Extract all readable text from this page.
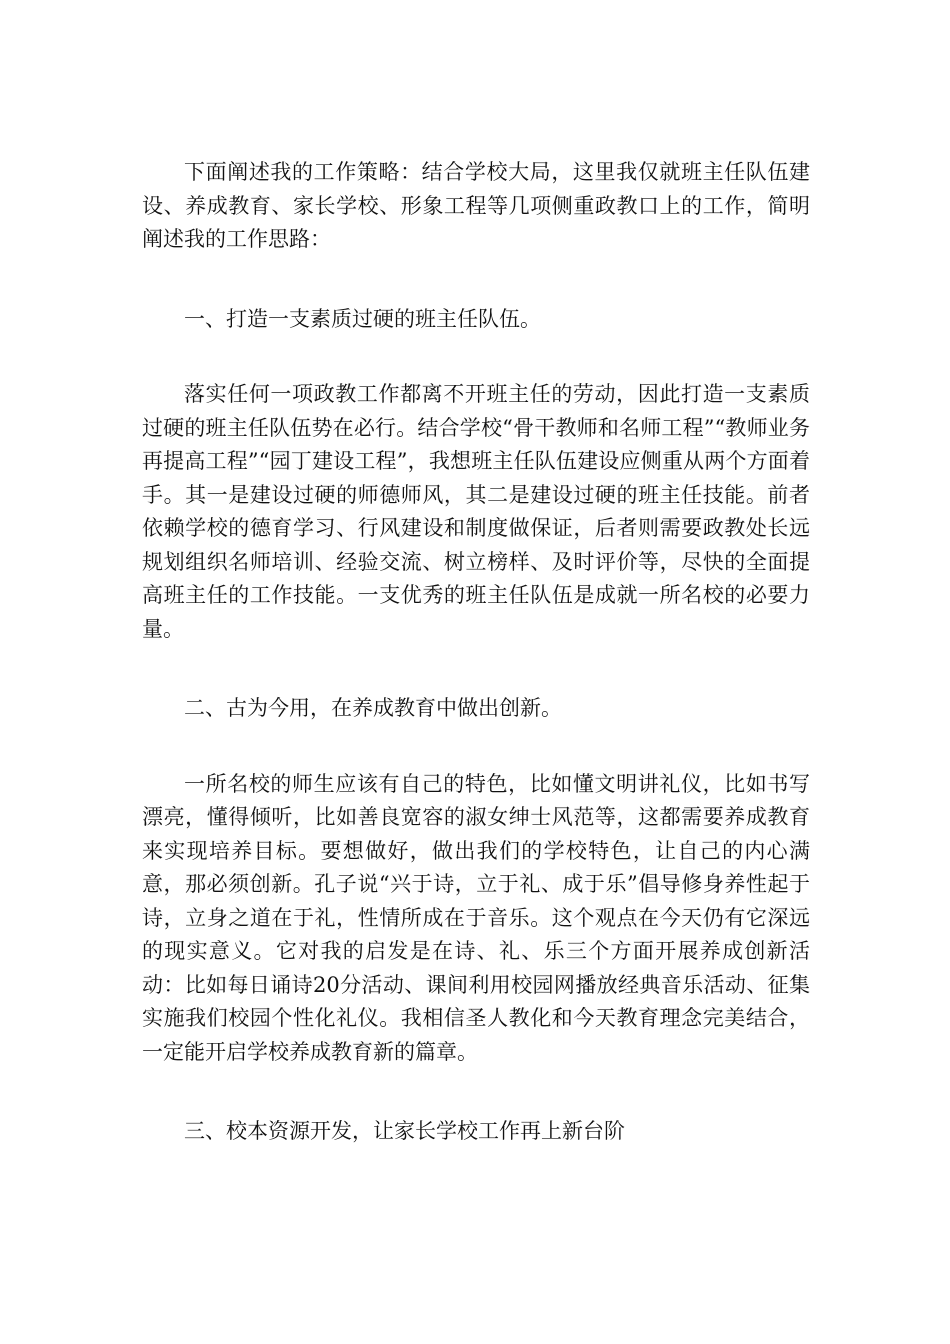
下面阐述我的工作策略：结合学校大局，这里我仅就班主任队伍建设、养成教育、家长学校、形象工程等几项侧重政教口上的工作，简明阐述我的工作思路：

一、打造一支素质过硬的班主任队伍。

落实任何一项政教工作都离不开班主任的劳动，因此打造一支素质过硬的班主任队伍势在必行。结合学校“骨干教师和名师工程”“教师业务再提高工程”“园丁建设工程”，我想班主任队伍建设应侧重从两个方面着手。其一是建设过硬的师德师风，其二是建设过硬的班主任技能。前者依赖学校的德育学习、行风建设和制度做保证，后者则需要政教处长远规划组织名师培训、经验交流、树立榜样、及时评价等，尽快的全面提高班主任的工作技能。一支优秀的班主任队伍是成就一所名校的必要力量。

二、古为今用，在养成教育中做出创新。

一所名校的师生应该有自己的特色，比如懂文明讲礼仪，比如书写漂亮，懂得倾听，比如善良宽容的淑女绅士风范等，这都需要养成教育来实现培养目标。要想做好，做出我们的学校特色，让自己的内心满意，那必须创新。孔子说“兴于诗，立于礼、成于乐”倡导修身养性起于诗，立身之道在于礼，性情所成在于音乐。这个观点在今天仍有它深远的现实意义。它对我的启发是在诗、礼、乐三个方面开展养成创新活动：比如每日诵诗20分活动、课间利用校园网播放经典音乐活动、征集实施我们校园个性化礼仪。我相信圣人教化和今天教育理念完美结合，一定能开启学校养成教育新的篇章。

三、校本资源开发，让家长学校工作再上新台阶
